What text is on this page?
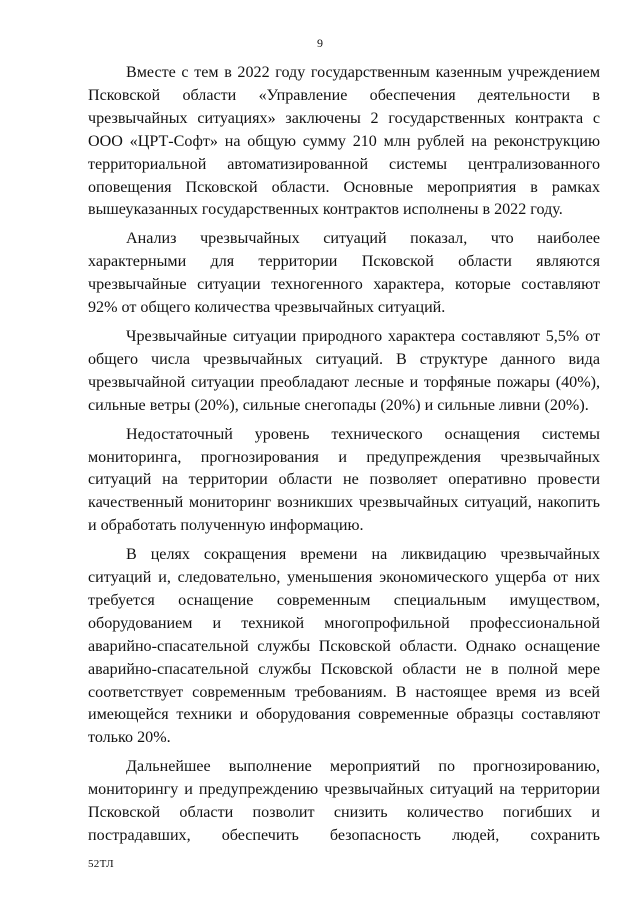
9

Вместе с тем в 2022 году государственным казенным учреждением Псковской области «Управление обеспечения деятельности в чрезвычайных ситуациях» заключены 2 государственных контракта с ООО «ЦРТ-Софт» на общую сумму 210 млн рублей на реконструкцию территориальной автоматизированной системы централизованного оповещения Псковской области. Основные мероприятия в рамках вышеуказанных государственных контрактов исполнены в 2022 году.

Анализ чрезвычайных ситуаций показал, что наиболее характерными для территории Псковской области являются чрезвычайные ситуации техногенного характера, которые составляют 92% от общего количества чрезвычайных ситуаций.

Чрезвычайные ситуации природного характера составляют 5,5% от общего числа чрезвычайных ситуаций. В структуре данного вида чрезвычайной ситуации преобладают лесные и торфяные пожары (40%), сильные ветры (20%), сильные снегопады (20%) и сильные ливни (20%).

Недостаточный уровень технического оснащения системы мониторинга, прогнозирования и предупреждения чрезвычайных ситуаций на территории области не позволяет оперативно провести качественный мониторинг возникших чрезвычайных ситуаций, накопить и обработать полученную информацию.

В целях сокращения времени на ликвидацию чрезвычайных ситуаций и, следовательно, уменьшения экономического ущерба от них требуется оснащение современным специальным имуществом, оборудованием и техникой многопрофильной профессиональной аварийно-спасательной службы Псковской области. Однако оснащение аварийно-спасательной службы Псковской области не в полной мере соответствует современным требованиям. В настоящее время из всей имеющейся техники и оборудования современные образцы составляют только 20%.

Дальнейшее выполнение мероприятий по прогнозированию, мониторингу и предупреждению чрезвычайных ситуаций на территории Псковской области позволит снизить количество погибших и пострадавших, обеспечить безопасность людей, сохранить

52ТЛ
